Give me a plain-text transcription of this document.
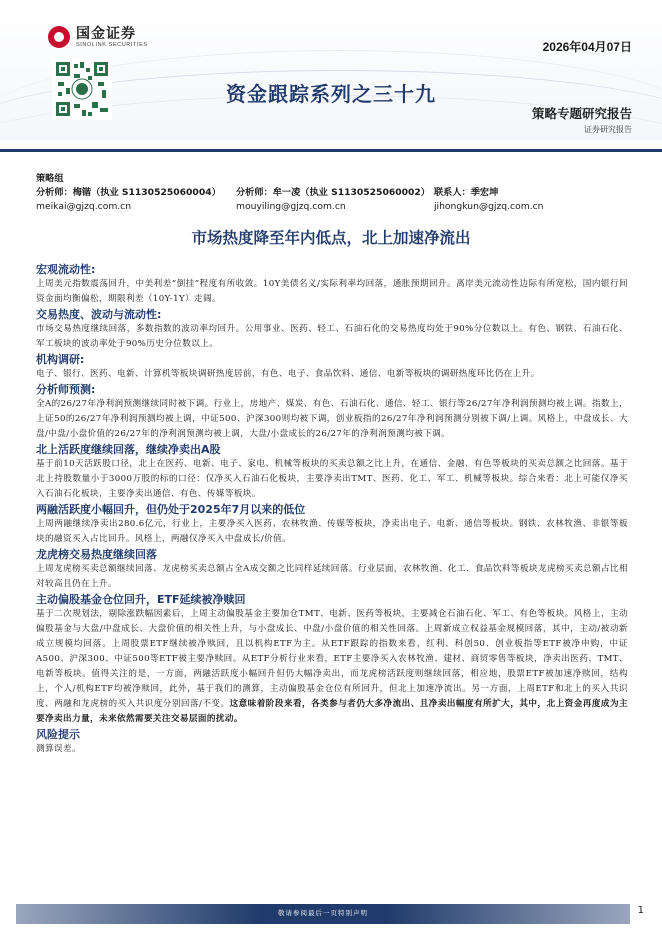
国金证券
SINOLINK SECURITIES	2026年04月07日
资金跟踪系列之三十九
策略专题研究报告
证券研究报告
策略组
分析师：梅锴（执业 S1130525060004）
meikai@gjzq.com.cn
分析师：牟一凌（执业 S1130525060002）
mouyiling@gjzq.com.cn
联系人：季宏坤
jihongkun@gjzq.com.cn
市场热度降至年内低点，北上加速净流出
宏观流动性:
上周美元指数震荡回升，中美利差“倒挂”程度有所收敛。10Y美债名义/实际利率均回落，通胀预期回升。离岸美元流动性边际有所宽松，国内银行间资金面均衡偏松，期限利差（10Y-1Y）走阔。
交易热度、波动与流动性:
市场交易热度继续回落，多数指数的波动率均回升。公用事业、医药、轻工、石油石化的交易热度均处于90%分位数以上。有色、钢铁、石油石化、军工板块的波动率处于90%历史分位数以上。
机构调研:
电子、银行、医药、电新、计算机等板块调研热度居前，有色、电子、食品饮料、通信、电新等板块的调研热度环比仍在上升。
分析师预测:
全A的26/27年净利润预测继续同时被下调。行业上，房地产、煤炭、有色、石油石化、通信、轻工、银行等26/27年净利润预测均被上调。指数上，上证50的26/27年净利润预测均被上调，中证500、沪深300则均被下调，创业板指的26/27年净利润预测分别被下调/上调。风格上，中盘成长、大盘/中盘/小盘价值的26/27年的净利润预测均被上调，大盘/小盘成长的26/27年的净利润预测均被下调。
北上活跃度继续回落，继续净卖出A股
基于前10天活跃股口径，北上在医药、电新、电子、家电、机械等板块的买卖总额之比上升，在通信、金融、有色等板块的买卖总额之比回落。基于北上持股数量小于3000万股的标的口径：仅净买入石油石化板块，主要净卖出TMT、医药、化工、军工、机械等板块。综合来看：北上可能仅净买入石油石化板块，主要净卖出通信、有色、传媒等板块。
两融活跃度小幅回升，但仍处于2025年7月以来的低位
上周两融继续净卖出280.6亿元，行业上，主要净买入医药、农林牧渔、传媒等板块，净卖出电子、电新、通信等板块。钢铁、农林牧渔、非银等板块的融资买入占比回升。风格上，两融仅净买入中盘成长/价值。
龙虎榜交易热度继续回落
上周龙虎榜买卖总额继续回落、龙虎榜买卖总额占全A成交额之比同样延续回落。行业层面，农林牧渔、化工、食品饮料等板块龙虎榜买卖总额占比相对较高且仍在上升。
主动偏股基金仓位回升，ETF延续被净赎回
基于二次规划法，剔除涨跌幅因素后，上周主动偏股基金主要加仓TMT、电新、医药等板块，主要减仓石油石化、军工、有色等板块。风格上，主动偏股基金与大盘/中盘成长、大盘价值的相关性上升，与小盘成长、中盘/小盘价值的相关性回落。上周新成立权益基金规模回落，其中，主动/被动新成立规模均回落。上周股票ETF继续被净赎回，且以机构ETF为主。从ETF跟踪的指数来看，红利、科创50、创业板指等ETF被净申购，中证A500、沪深300、中证500等ETF被主要净赎回。从ETF分析行业来看，ETF主要净买入农林牧渔、建材、商贸零售等板块，净卖出医药、TMT、电新等板块。值得关注的是，一方面，两融活跃度小幅回升但仍大幅净卖出，而龙虎榜活跃度则继续回落，相应地，股票ETF被加速净赎回，结构上，个人/机构ETF均被净赎回，此外，基于我们的测算，主动偏股基金仓位有所回升，但北上加速净流出。另一方面，上周ETF和北上的买入共识度、两融和龙虎榜的买入共识度分别回落/不变。这意味着阶段来看，各类参与者仍大多净流出、且净卖出幅度有所扩大，其中，北上资金再度成为主要净卖出力量，未来依然需要关注交易层面的扰动。
风险提示
测算误差。
敬请参阅最后一页特别声明	1
